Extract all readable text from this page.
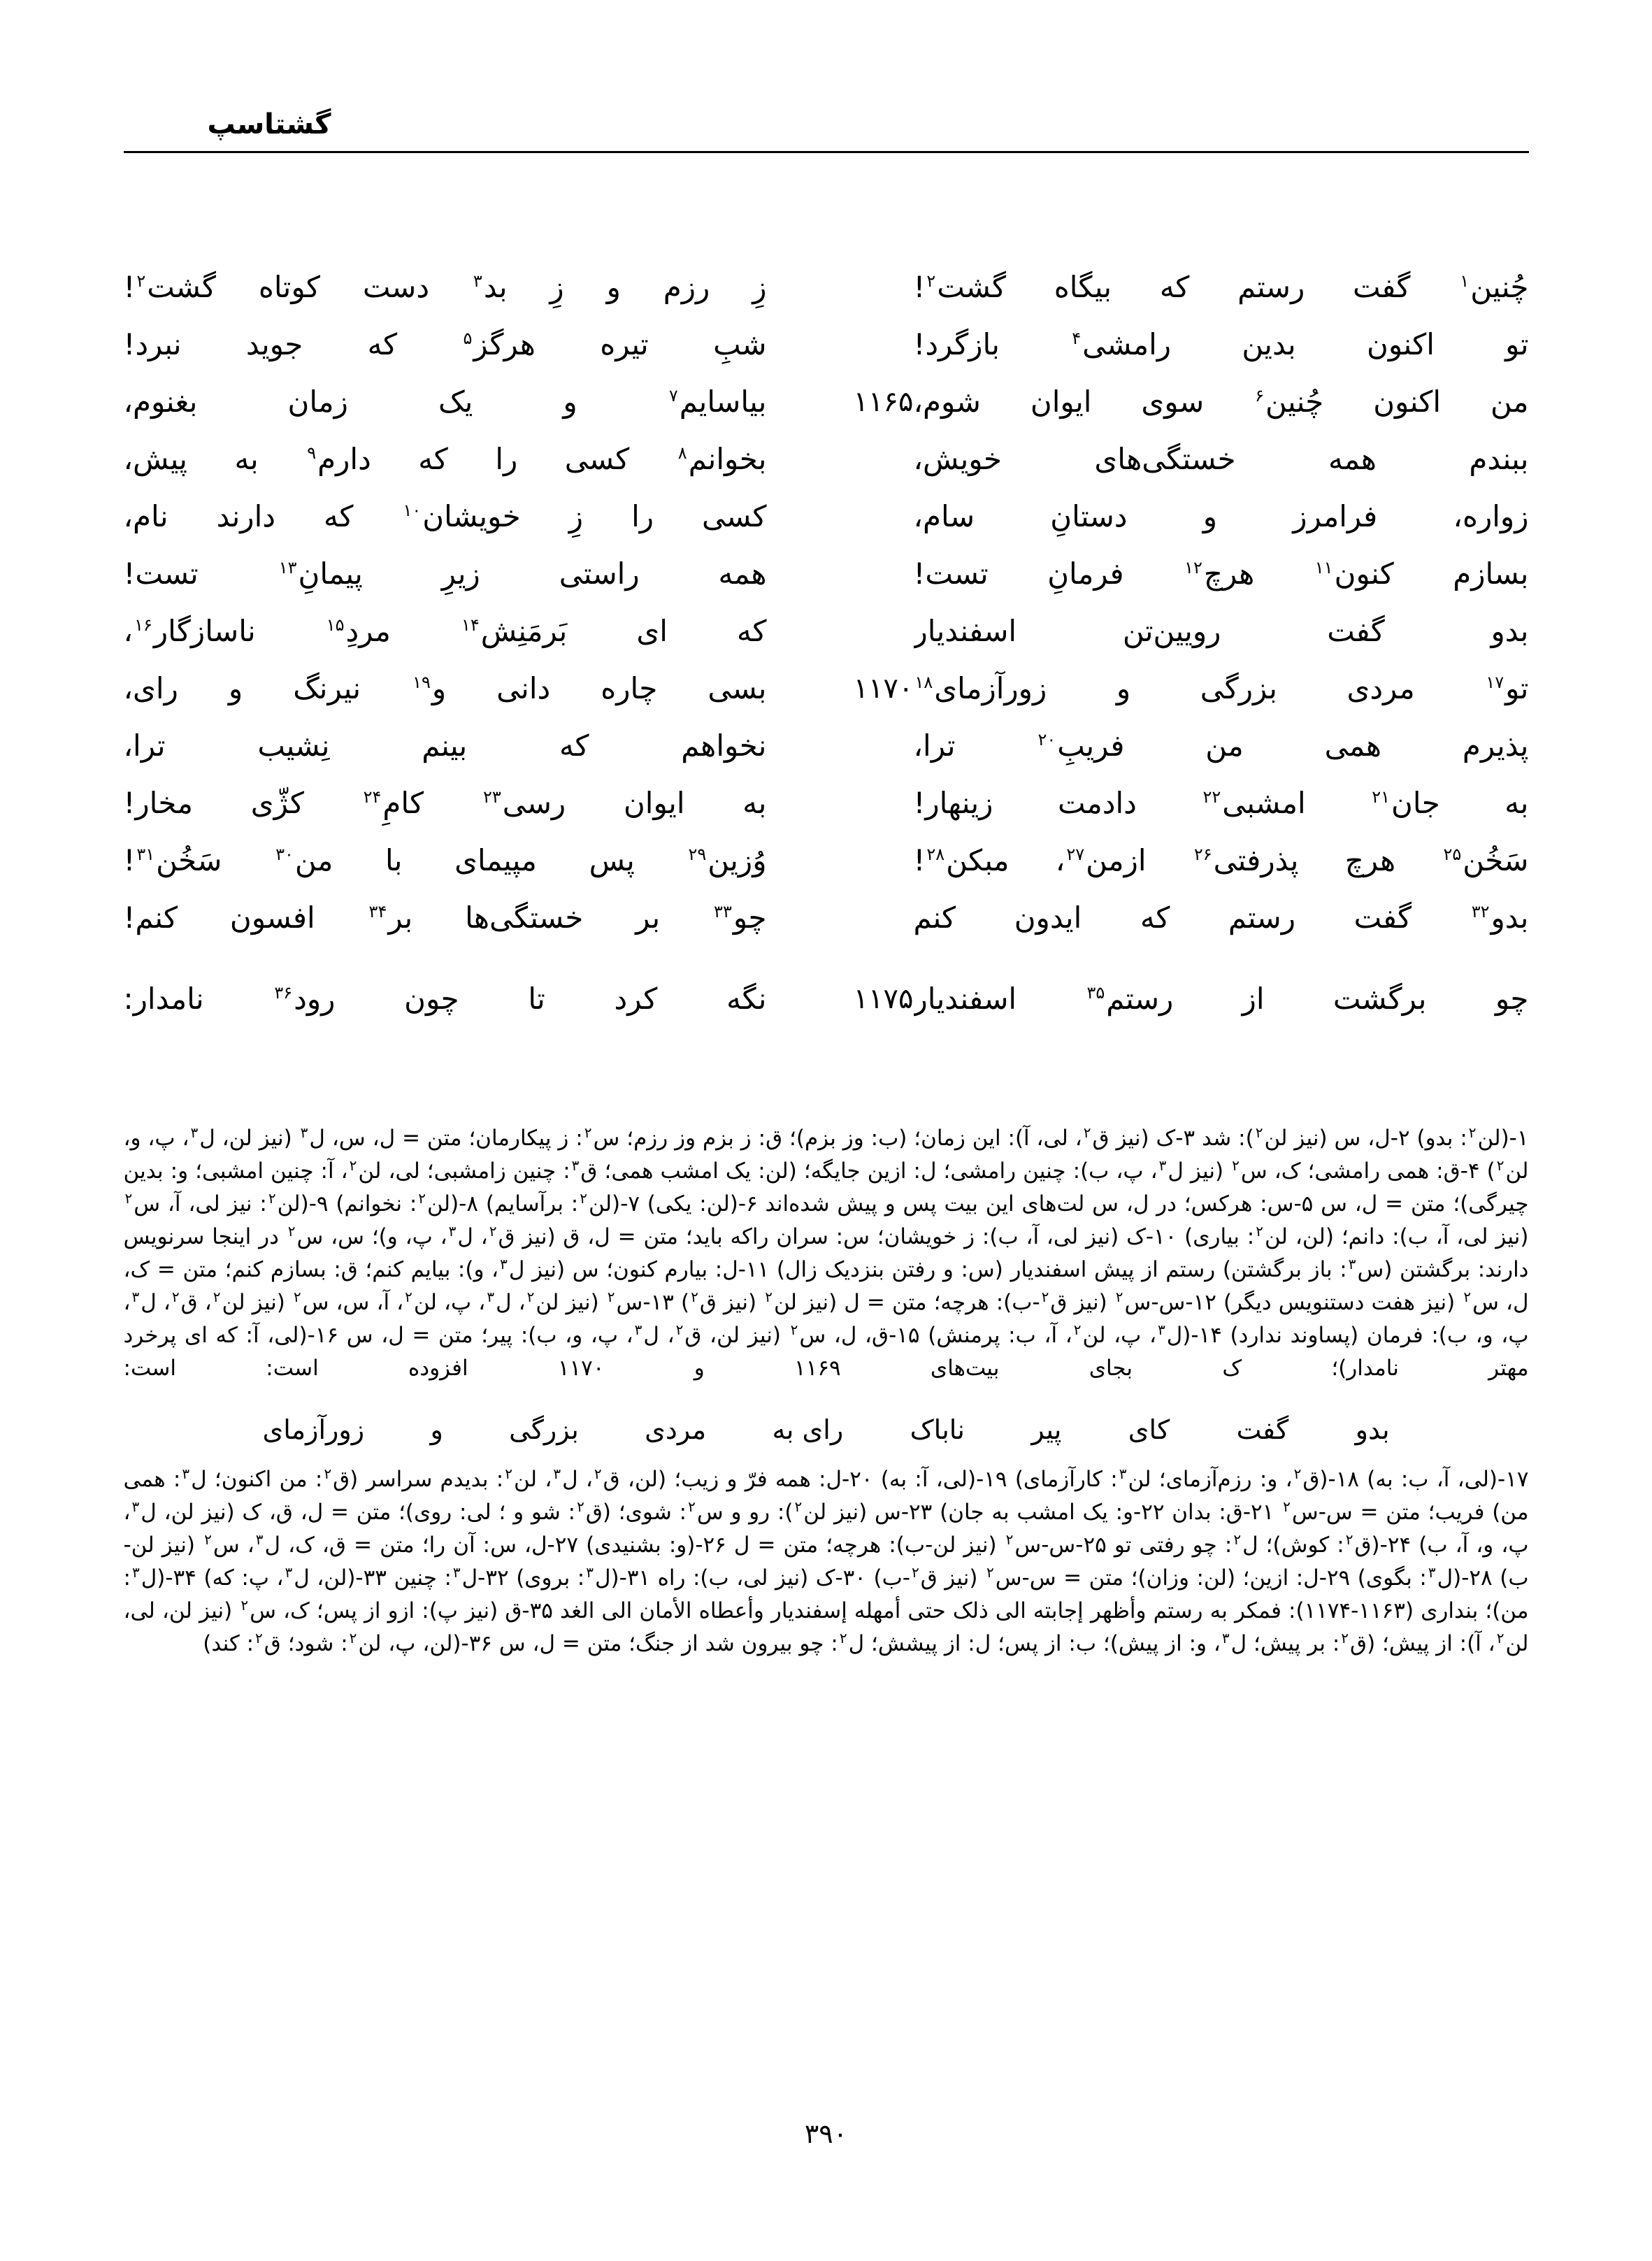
گشتاسپ
چُنین$^۱$ گفت رستم که بیگاه گشت$^۲$!			زِ رزم و زِ بد$^۳$ دست کوتاه گشت$^۲$!
تو اکنون بدین رامشی$^۴$ بازگرد!			شبِ تیره هرگز$^۵$ که جوید نبرد!
من اکنون چُنین$^۶$ سوی ایوان شوم،	۱۱۶۵		بیاسایم$^۷$ و یک زمان بغنوم،
ببندم همه خستگی‌های خویش،			بخوانم$^۸$ کسی را که دارم$^۹$ به پیش،
زواره، فرامرز و دستانِ سام،			کسی را زِ خویشان$^{۱۰}$ که دارند نام،
بسازم کنون$^{۱۱}$ هرچ$^{۱۲}$ فرمانِ تست!			همه راستی زیرِ پیمانِ$^{۱۳}$ تست!
بدو گفت رویین‌تن اسفندیار			که ای بَرمَنِش$^{۱۴}$ مردِ$^{۱۵}$ ناسازگار$^{۱۶}$،
تو$^{۱۷}$ مردی بزرگی و زورآزمای$^{۱۸}$	۱۱۷۰		بسی چاره دانی و$^{۱۹}$ نیرنگ و رای،
پذیرم همی من فریبِ$^{۲۰}$ ترا،			نخواهم که بینم نِشیب ترا،
به جان$^{۲۱}$ امشبی$^{۲۲}$ دادمت زینهار!			به ایوان رسی$^{۲۳}$ کامِ$^{۲۴}$ کژّی مخار!
سَخُن$^{۲۵}$ هرچ پذرفتی$^{۲۶}$ ازمن$^{۲۷}$، مبکن$^{۲۸}$!			وُزین$^{۲۹}$ پس مپیمای با من$^{۳۰}$ سَخُن$^{۳۱}$!
بدو$^{۳۲}$ گفت رستم که ایدون کنم			چو$^{۳۳}$ بر خستگی‌ها بر$^{۳۴}$ افسون کنم!
چو برگشت از رستم$^{۳۵}$ اسفندیار	۱۱۷۵		نگه کرد تا چون رود$^{۳۶}$ نامدار:

۱-(لن$^۲$: بدو) ۲-ل، س (نیز لن$^۲$): شد ۳-ک (نیز ق$^۲$، لی، آ): این زمان؛ (ب: وز بزم)؛ ق: ز بزم وز رزم؛ س$^۲$: ز پیکارمان؛ متن = ل، س، ل$^۳$ (نیز لن، ل$^۳$، پ، و، لن$^۲$) ۴-ق: همی رامشی؛ ک، س$^۲$ (نیز ل$^۳$، پ، ب): چنین رامشی؛ ل: ازین جایگه؛ (لن: یک امشب همی؛ ق$^۳$: چنین زامشبی؛ لی، لن$^۲$، آ: چنین امشبی؛ و: بدین چیرگی)؛ متن = ل، س ۵-س: هرکس؛ در ل، س لت‌های این بیت پس و پیش شده‌اند ۶-(لن: یکی) ۷-(لن$^۲$: برآسایم) ۸-(لن$^۲$: نخوانم) ۹-(لن$^۲$: نیز لی، آ، س$^۲$ (نیز لی، آ، ب): دانم؛ (لن، لن$^۲$: بیاری) ۱۰-ک (نیز لی، آ، ب): ز خویشان؛ س: سران راکه باید؛ متن = ل، ق (نیز ق$^۲$، ل$^۳$، پ، و)؛ س، س$^۲$ در اینجا سرنویس دارند: برگشتن (س$^۳$: باز برگشتن) رستم از پیش اسفندیار (س: و رفتن بنزدیک زال) ۱۱-ل: بیارم کنون؛ س (نیز ل$^۳$، و): بیایم کنم؛ ق: بسازم کنم؛ متن = ک، ل، س$^۲$ (نیز هفت دستنویس دیگر) ۱۲-س-س$^۲$ (نیز ق$^۲$-ب): هرچه؛ متن = ل (نیز لن$^۲$ (نیز ق$^۲$) ۱۳-س$^۲$ (نیز لن$^۲$، ل$^۳$، پ، لن$^۲$، آ، س، س$^۲$ (نیز لن$^۲$، ق$^۲$، ل$^۳$، پ، و، ب): فرمان (پساوند ندارد) ۱۴-(ل$^۳$، پ، لن$^۲$، آ، ب: پرمنش) ۱۵-ق، ل، س$^۲$ (نیز لن، ق$^۲$، ل$^۳$، پ، و، ب): پیر؛ متن = ل، س ۱۶-(لی، آ: که ای پرخرد مهتر نامدار)؛ ک بجای بیت‌های ۱۱۶۹ و ۱۱۷۰ افزوده است: است:

بدو گفت کای پیر ناباک رای به مردی بزرگی و زورآزمای

۱۷-(لی، آ، ب: به) ۱۸-(ق$^۲$، و: رزم‌آزمای؛ لن$^۳$: کارآزمای) ۱۹-(لی، آ: به) ۲۰-ل: همه فرّ و زیب؛ (لن، ق$^۲$، ل$^۳$، لن$^۲$: بدیدم سراسر (ق$^۲$: من اکنون؛ ل$^۳$: همی من) فریب؛ متن = س-س$^۲$ ۲۱-ق: بدان ۲۲-و: یک امشب به جان) ۲۳-س (نیز لن$^۲$): رو و س$^۲$: شوی؛ (ق$^۲$: شو و ؛ لی: روی)؛ متن = ل، ق، ک (نیز لن، ل$^۳$، پ، و، آ، ب) ۲۴-(ق$^۲$: کوش)؛ ل$^۲$: چو رفتی تو ۲۵-س-س$^۲$ (نیز لن-ب): هرچه؛ متن = ل ۲۶-(و: بشنیدی) ۲۷-ل، س: آن را؛ متن = ق، ک، ل$^۳$، س$^۲$ (نیز لن-ب) ۲۸-(ل$^۳$: بگوی) ۲۹-ل: ازین؛ (لن: وزان)؛ متن = س-س$^۲$ (نیز ق$^۲$-ب) ۳۰-ک (نیز لی، ب): راه ۳۱-(ل$^۳$: بروی) ۳۲-ل$^۳$: چنین ۳۳-(لن، ل$^۳$، پ: که) ۳۴-(ل$^۳$: من)؛ بنداری (۱۱۶۳-۱۱۷۴): فمکر به رستم وأظهر إجابته الی ذلک حتی أمهله إسفندیار وأعطاه الأمان الی الغد ۳۵-ق (نیز پ): ازو از پس؛ ک، س$^۲$ (نیز لن، لی، لن$^۲$، آ): از پیش؛ (ق$^۲$: بر پیش؛ ل$^۳$، و: از پیش)؛ ب: از پس؛ ل: از پیشش؛ ل$^۲$: چو بیرون شد از جنگ؛ متن = ل، س ۳۶-(لن، پ، لن$^۲$: شود؛ ق$^۲$: کند)

۳۹۰
